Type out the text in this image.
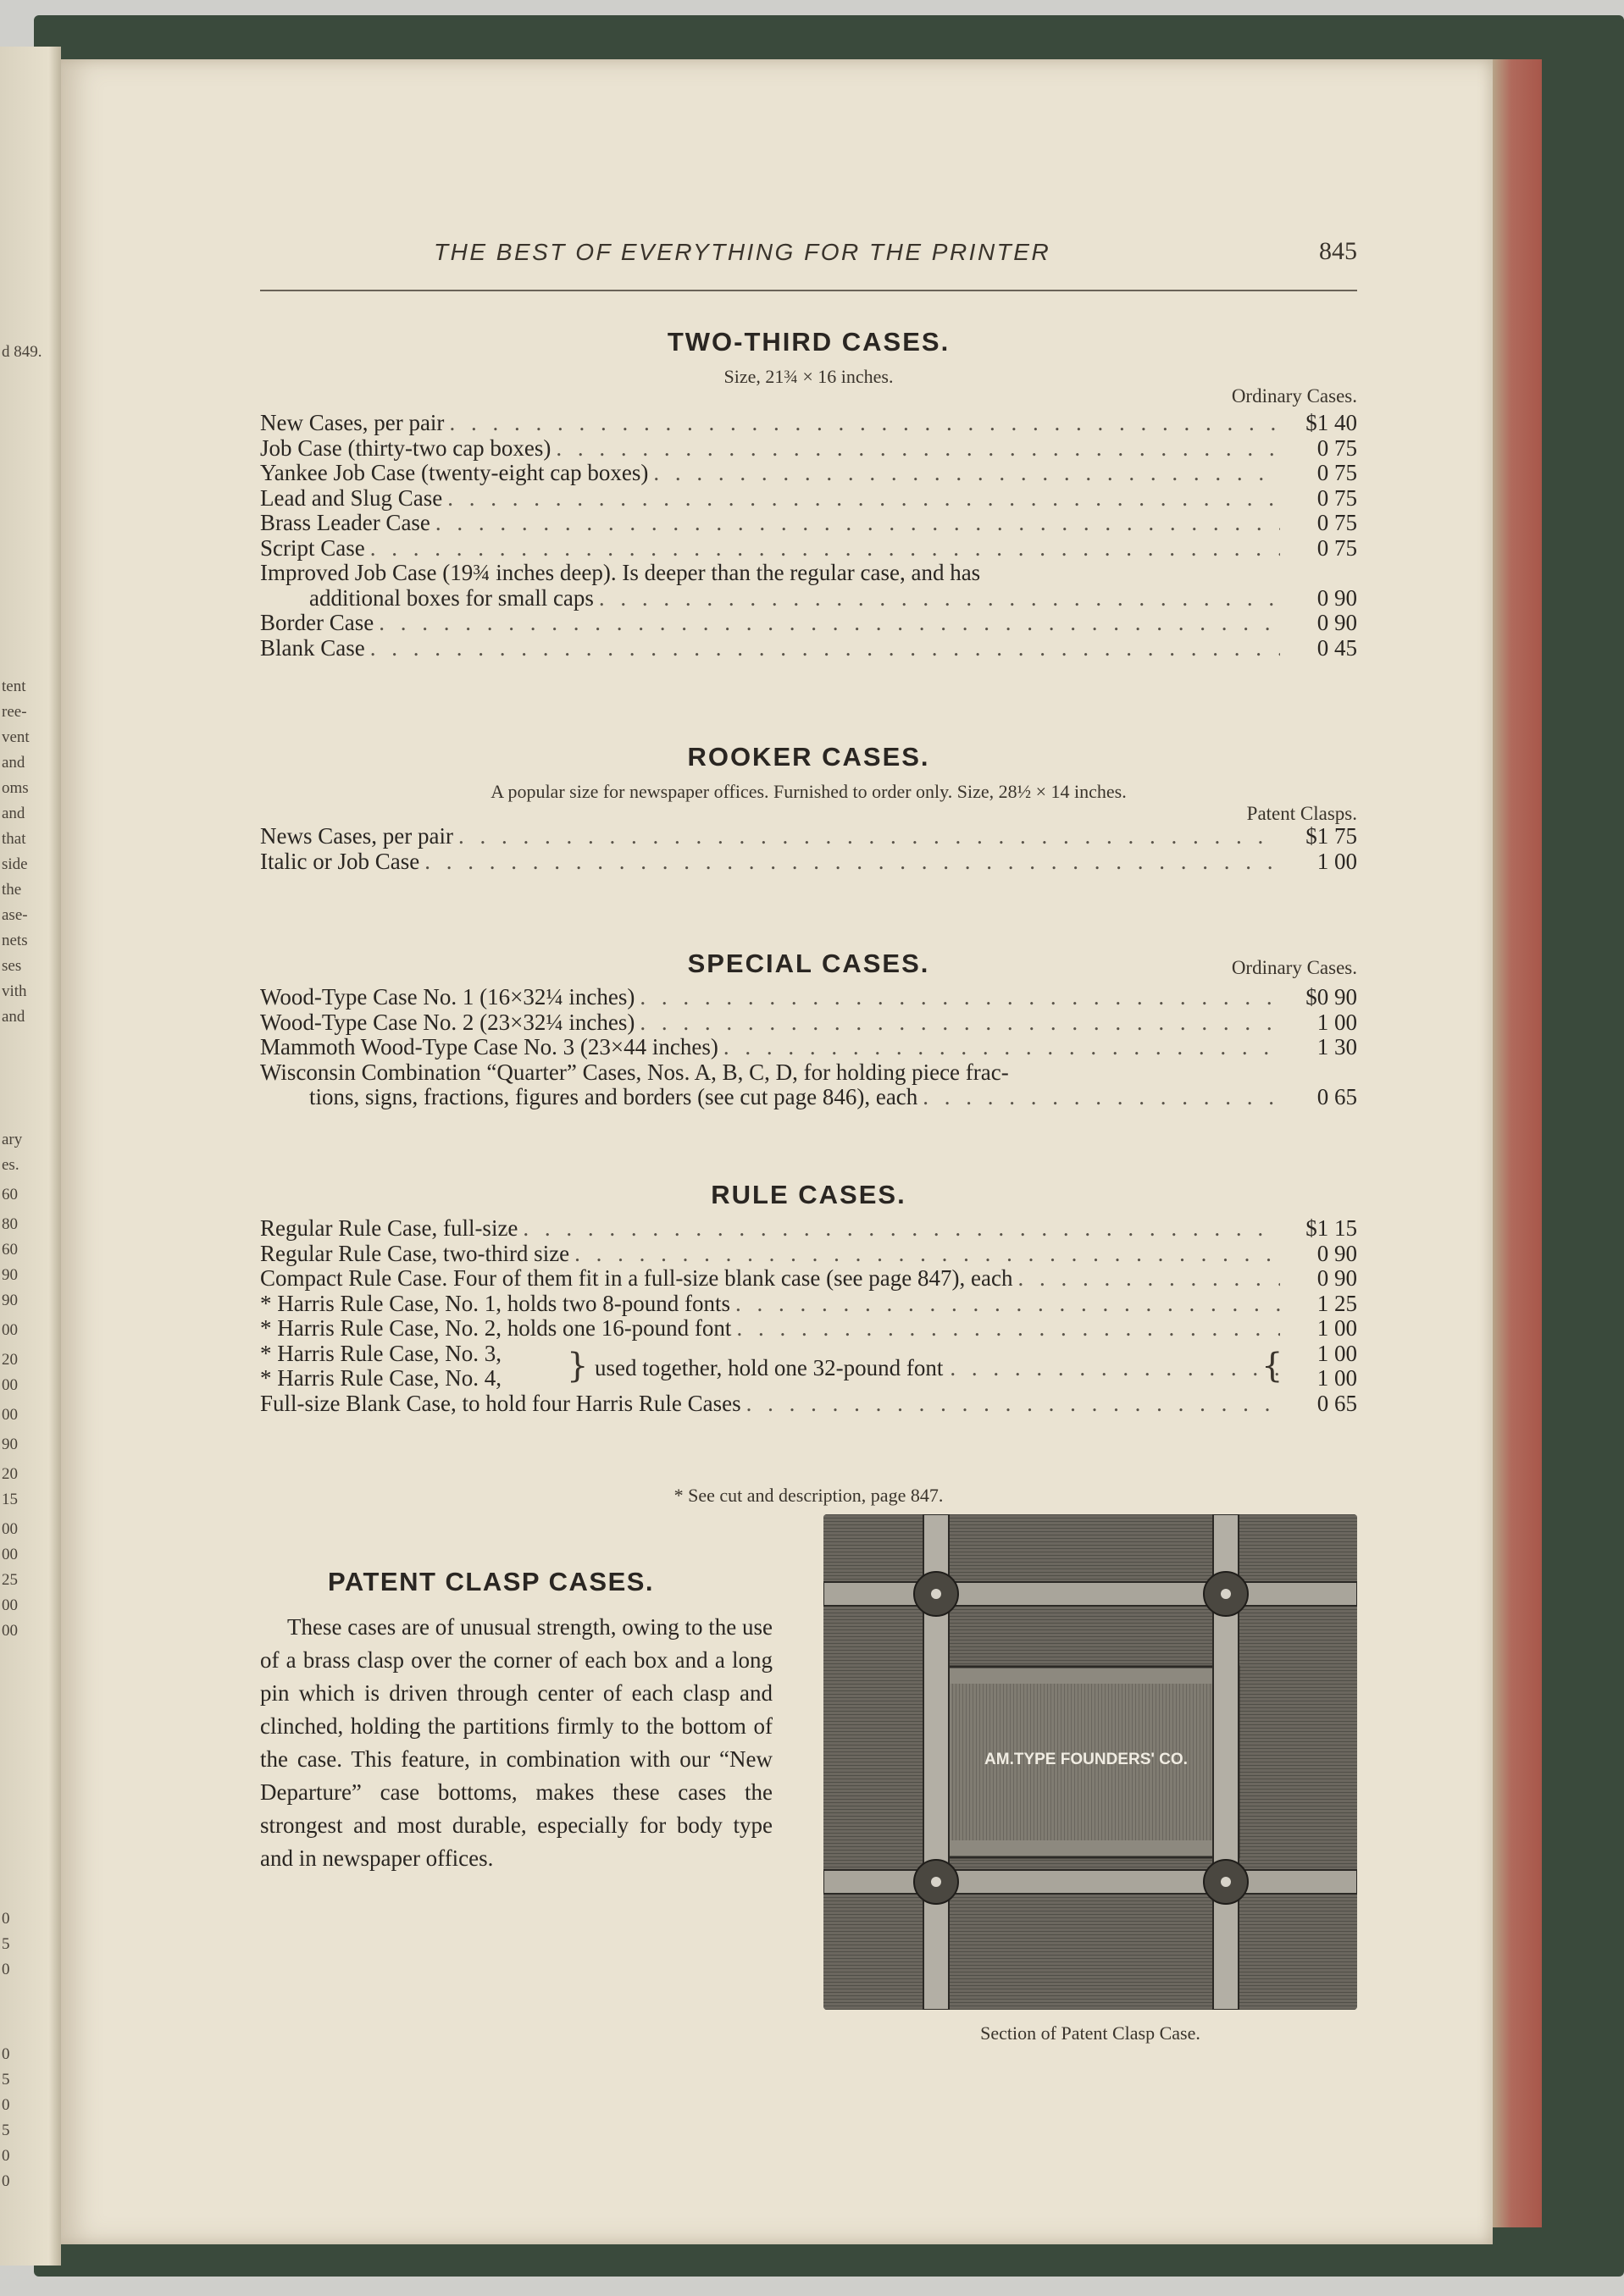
d 849.
tent
ree-
vent
and
oms
and
that
side
the
ase-
nets
ses
vith
and
ary
es.
60
80
60
90
90
00
20
00
00
90
20
15
00
00
25
00
00
0
5
0
0
5
0
5
0
0
THE BEST OF EVERYTHING FOR THE PRINTER	845
TWO-THIRD CASES.
Size, 21¾ × 16 inches.
Ordinary Cases.
New Cases, per pair . . .	$1 40
Job Case (thirty-two cap boxes) . . .	0 75
Yankee Job Case (twenty-eight cap boxes) . . .	0 75
Lead and Slug Case . . .	0 75
Brass Leader Case . . .	0 75
Script Case . . .	0 75
Improved Job Case (19¾ inches deep). Is deeper than the regular case, and has
additional boxes for small caps . . .	0 90
Border Case . . .	0 90
Blank Case . . .	0 45
ROOKER CASES.
A popular size for newspaper offices. Furnished to order only. Size, 28½ × 14 inches.
Patent Clasps.
News Cases, per pair . . .	$1 75
Italic or Job Case . . .	1 00
SPECIAL CASES.	Ordinary Cases.
Wood-Type Case No. 1 (16×32¼ inches) . . .	$0 90
Wood-Type Case No. 2 (23×32¼ inches) . . .	1 00
Mammoth Wood-Type Case No. 3 (23×44 inches) . . .	1 30
Wisconsin Combination “Quarter” Cases, Nos. A, B, C, D, for holding piece frac-
tions, signs, fractions, figures and borders (see cut page 846), each . . .	0 65
RULE CASES.
Regular Rule Case, full-size . . .	$1 15
Regular Rule Case, two-third size . . .	0 90
Compact Rule Case. Four of them fit in a full-size blank case (see page 847), each . . .	0 90
* Harris Rule Case, No. 1, holds two 8-pound fonts . . .	1 25
* Harris Rule Case, No. 2, holds one 16-pound font . . .	1 00
* Harris Rule Case, No. 3,	1 00
* Harris Rule Case, No. 4,	1 00
}	{
used together, hold one 32-pound font
. . .
Full-size Blank Case, to hold four Harris Rule Cases . . .	0 65
* See cut and description, page 847.
PATENT CLASP CASES.
These cases are of unusual strength, owing to the use of a brass clasp over the corner of each box and a long pin which is driven through center of each clasp and clinched, holding the partitions firmly to the bottom of the case. This feature, in combination with our “New Departure” case bottoms, makes these cases the strongest and most durable, especially for body type and in newspaper offices.
AM.TYPE FOUNDERS' CO.
Section of Patent Clasp Case.
